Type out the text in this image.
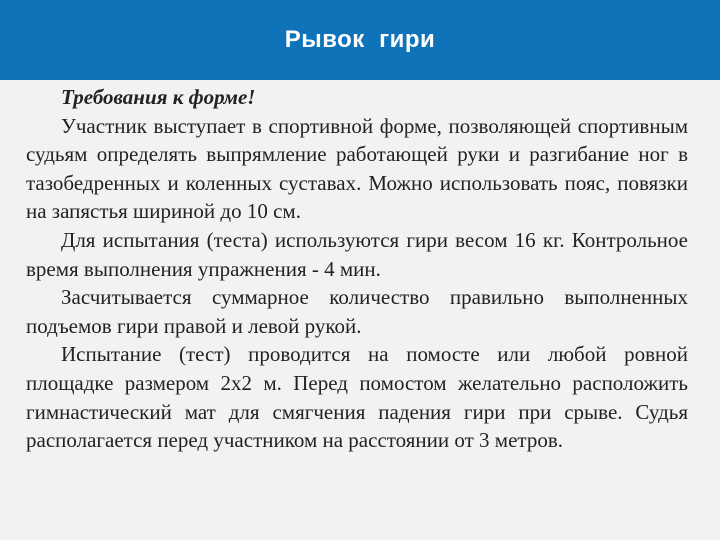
Рывок  гири

Требования к форме!

Участник выступает в спортивной форме, позволяющей спортивным судьям определять выпрямление работающей руки и разгибание ног в тазобедренных и коленных суставах. Можно использовать пояс, повязки на запястья шириной до 10 см.

Для испытания (теста) используются гири весом 16 кг. Контрольное время выполнения упражнения - 4 мин.

Засчитывается суммарное количество правильно выполненных подъемов гири правой и левой рукой.

Испытание (тест) проводится на помосте или любой ровной площадке размером 2х2 м. Перед помостом желательно расположить гимнастический мат для смягчения падения гири при срыве. Судья располагается перед участником на расстоянии от 3 метров.
